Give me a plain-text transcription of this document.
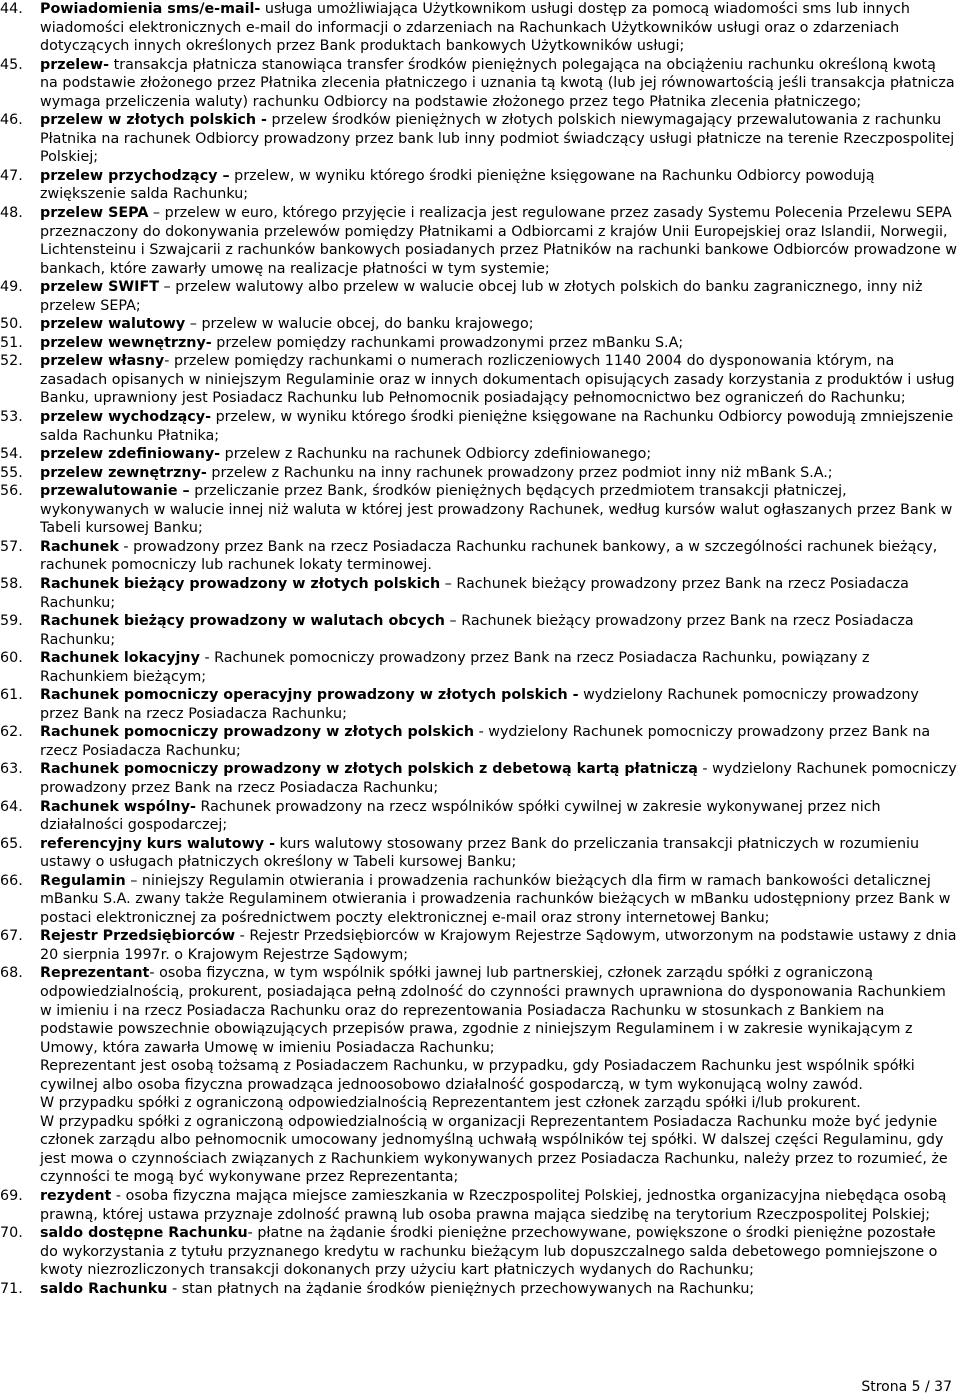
44.	Powiadomienia sms/e-mail- usługa umożliwiająca Użytkownikom usługi dostęp za pomocą wiadomości sms lub innych wiadomości elektronicznych e-mail do informacji o zdarzeniach na Rachunkach Użytkowników usługi oraz o zdarzeniach dotyczących innych określonych przez Bank produktach bankowych Użytkowników usługi;
45.	przelew- transakcja płatnicza stanowiąca transfer środków pieniężnych polegająca na obciążeniu rachunku określoną kwotą na podstawie złożonego przez Płatnika zlecenia płatniczego i uznania tą kwotą (lub jej równowartością jeśli transakcja płatnicza wymaga przeliczenia waluty) rachunku Odbiorcy na podstawie złożonego przez tego Płatnika zlecenia płatniczego;
46.	przelew w złotych polskich - przelew środków pieniężnych w złotych polskich niewymagający przewalutowania z rachunku Płatnika na rachunek Odbiorcy prowadzony przez bank lub inny podmiot świadczący usługi płatnicze na terenie Rzeczpospolitej Polskiej;
47.	przelew przychodzący – przelew, w wyniku którego środki pieniężne księgowane na Rachunku Odbiorcy powodują zwiększenie salda Rachunku;
48.	przelew SEPA – przelew w euro, którego przyjęcie i realizacja jest regulowane przez zasady Systemu Polecenia Przelewu SEPA przeznaczony do dokonywania przelewów pomiędzy Płatnikami a Odbiorcami z krajów Unii Europejskiej oraz Islandii, Norwegii, Lichtensteinu i Szwajcarii z rachunków bankowych posiadanych przez Płatników na rachunki bankowe Odbiorców prowadzone w bankach, które zawarły umowę na realizacje płatności w tym systemie;
49.	przelew SWIFT – przelew walutowy albo przelew w walucie obcej lub w złotych polskich do banku zagranicznego, inny niż przelew SEPA;
50.	przelew walutowy – przelew w walucie obcej, do banku krajowego;
51.	przelew wewnętrzny- przelew pomiędzy rachunkami prowadzonymi przez mBanku S.A;
52.	przelew własny- przelew pomiędzy rachunkami o numerach rozliczeniowych 1140 2004 do dysponowania którym, na zasadach opisanych w niniejszym Regulaminie oraz w innych dokumentach opisujących zasady korzystania z produktów i usług Banku, uprawniony jest Posiadacz Rachunku lub Pełnomocnik posiadający pełnomocnictwo bez ograniczeń do Rachunku;
53.	przelew wychodzący- przelew, w wyniku którego środki pieniężne księgowane na Rachunku Odbiorcy powodują zmniejszenie salda Rachunku Płatnika;
54.	przelew zdefiniowany- przelew z Rachunku na rachunek Odbiorcy zdefiniowanego;
55.	przelew zewnętrzny- przelew z Rachunku na inny rachunek prowadzony przez podmiot inny niż mBank S.A.;
56.	przewalutowanie – przeliczanie przez Bank, środków pieniężnych będących przedmiotem transakcji płatniczej, wykonywanych w walucie innej niż waluta w której jest prowadzony Rachunek, według kursów walut ogłaszanych przez Bank w Tabeli kursowej Banku;
57.	Rachunek - prowadzony przez Bank na rzecz Posiadacza Rachunku rachunek bankowy, a w szczególności rachunek bieżący, rachunek pomocniczy lub rachunek lokaty terminowej.
58.	Rachunek bieżący prowadzony w złotych polskich – Rachunek bieżący prowadzony przez Bank na rzecz Posiadacza Rachunku;
59.	Rachunek bieżący prowadzony w walutach obcych – Rachunek bieżący prowadzony przez Bank na rzecz Posiadacza Rachunku;
60.	Rachunek lokacyjny - Rachunek pomocniczy prowadzony przez Bank na rzecz Posiadacza Rachunku, powiązany z Rachunkiem bieżącym;
61.	Rachunek pomocniczy operacyjny prowadzony w złotych polskich - wydzielony Rachunek pomocniczy prowadzony przez Bank na rzecz Posiadacza Rachunku;
62.	Rachunek pomocniczy prowadzony w złotych polskich - wydzielony Rachunek pomocniczy prowadzony przez Bank na rzecz Posiadacza Rachunku;
63.	Rachunek pomocniczy prowadzony w złotych polskich z debetową kartą płatniczą - wydzielony Rachunek pomocniczy prowadzony przez Bank na rzecz Posiadacza Rachunku;
64.	Rachunek wspólny- Rachunek prowadzony na rzecz wspólników spółki cywilnej w zakresie wykonywanej przez nich działalności gospodarczej;
65.	referencyjny kurs walutowy - kurs walutowy stosowany przez Bank do przeliczania transakcji płatniczych w rozumieniu ustawy o usługach płatniczych określony w Tabeli kursowej Banku;
66.	Regulamin – niniejszy Regulamin otwierania i prowadzenia rachunków bieżących dla firm w ramach bankowości detalicznej mBanku S.A. zwany także Regulaminem otwierania i prowadzenia rachunków bieżących w mBanku udostępniony przez Bank w postaci elektronicznej za pośrednictwem poczty elektronicznej e-mail oraz strony internetowej Banku;
67.	Rejestr Przedsiębiorców - Rejestr Przedsiębiorców w Krajowym Rejestrze Sądowym, utworzonym na podstawie ustawy z dnia 20 sierpnia 1997r. o Krajowym Rejestrze Sądowym;
68.	Reprezentant- osoba fizyczna, w tym wspólnik spółki jawnej lub partnerskiej, członek zarządu spółki z ograniczoną odpowiedzialnością, prokurent, posiadająca pełną zdolność do czynności prawnych uprawniona do dysponowania Rachunkiem w imieniu i na rzecz Posiadacza Rachunku oraz do reprezentowania Posiadacza Rachunku w stosunkach z Bankiem na podstawie powszechnie obowiązujących przepisów prawa, zgodnie z niniejszym Regulaminem i w zakresie wynikającym z Umowy, która zawarła Umowę w imieniu Posiadacza Rachunku;
Reprezentant jest osobą tożsamą z Posiadaczem Rachunku, w przypadku, gdy Posiadaczem Rachunku jest wspólnik spółki cywilnej albo osoba fizyczna prowadząca jednoosobowo działalność gospodarczą, w tym wykonującą wolny zawód.
W przypadku spółki z ograniczoną odpowiedzialnością Reprezentantem jest członek zarządu spółki i/lub prokurent.
W przypadku spółki z ograniczoną odpowiedzialnością w organizacji Reprezentantem Posiadacza Rachunku może być jedynie członek zarządu albo pełnomocnik umocowany jednomyślną uchwałą wspólników tej spółki. W dalszej części Regulaminu, gdy jest mowa o czynnościach związanych z Rachunkiem wykonywanych przez Posiadacza Rachunku, należy przez to rozumieć, że czynności te mogą być wykonywane przez Reprezentanta;
69.	rezydent - osoba fizyczna mająca miejsce zamieszkania w Rzeczpospolitej Polskiej, jednostka organizacyjna niebędąca osobą prawną, której ustawa przyznaje zdolność prawną lub osoba prawna mająca siedzibę na terytorium Rzeczpospolitej Polskiej;
70.	saldo dostępne Rachunku- płatne na żądanie środki pieniężne przechowywane, powiększone o środki pieniężne pozostałe do wykorzystania z tytułu przyznanego kredytu w rachunku bieżącym lub dopuszczalnego salda debetowego pomniejszone o kwoty niezrozliczonych transakcji dokonanych przy użyciu kart płatniczych wydanych do Rachunku;
71.	saldo Rachunku - stan płatnych na żądanie środków pieniężnych przechowywanych na Rachunku;
Strona 5 / 37
